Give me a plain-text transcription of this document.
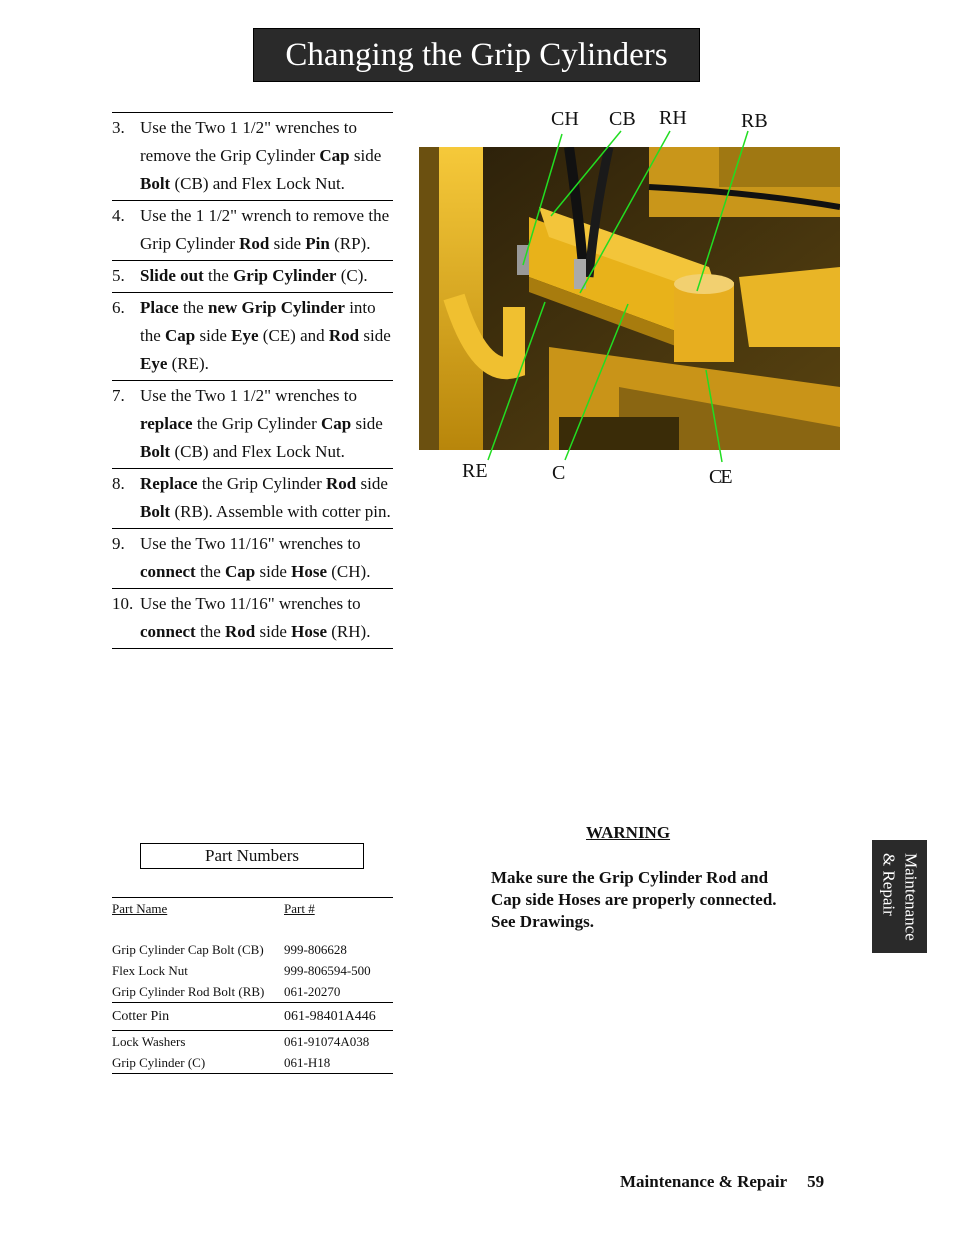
Changing the Grip Cylinders
3. Use the Two 1 1/2" wrenches to remove the Grip Cylinder Cap side Bolt (CB) and Flex Lock Nut.
4. Use the 1 1/2" wrench to remove the Grip Cylinder Rod side Pin (RP).
5. Slide out the Grip Cylinder (C).
6. Place the new Grip Cylinder into the Cap side Eye (CE) and Rod side Eye (RE).
7. Use the Two 1 1/2" wrenches to replace the Grip Cylinder Cap side Bolt (CB) and Flex Lock Nut.
8. Replace the Grip Cylinder Rod side Bolt (RB). Assemble with cotter pin.
9. Use the Two 11/16" wrenches to connect the Cap side Hose (CH).
10. Use the Two 11/16" wrenches to connect the Rod side Hose (RH).
CH CB RH	RB
RE	C	CE
WARNING
Make sure the Grip Cylinder Rod and Cap side Hoses are properly connected. See Drawings.
Part Numbers
Part Name	Part #
Grip Cylinder Cap Bolt (CB)	999-806628
Flex Lock Nut	999-806594-500
Grip Cylinder Rod Bolt (RB)	061-20270
Cotter Pin	061-98401A446
Lock Washers	061-91074A038
Grip Cylinder (C)	061-H18
Maintenance
& Repair
Maintenance & Repair 59
